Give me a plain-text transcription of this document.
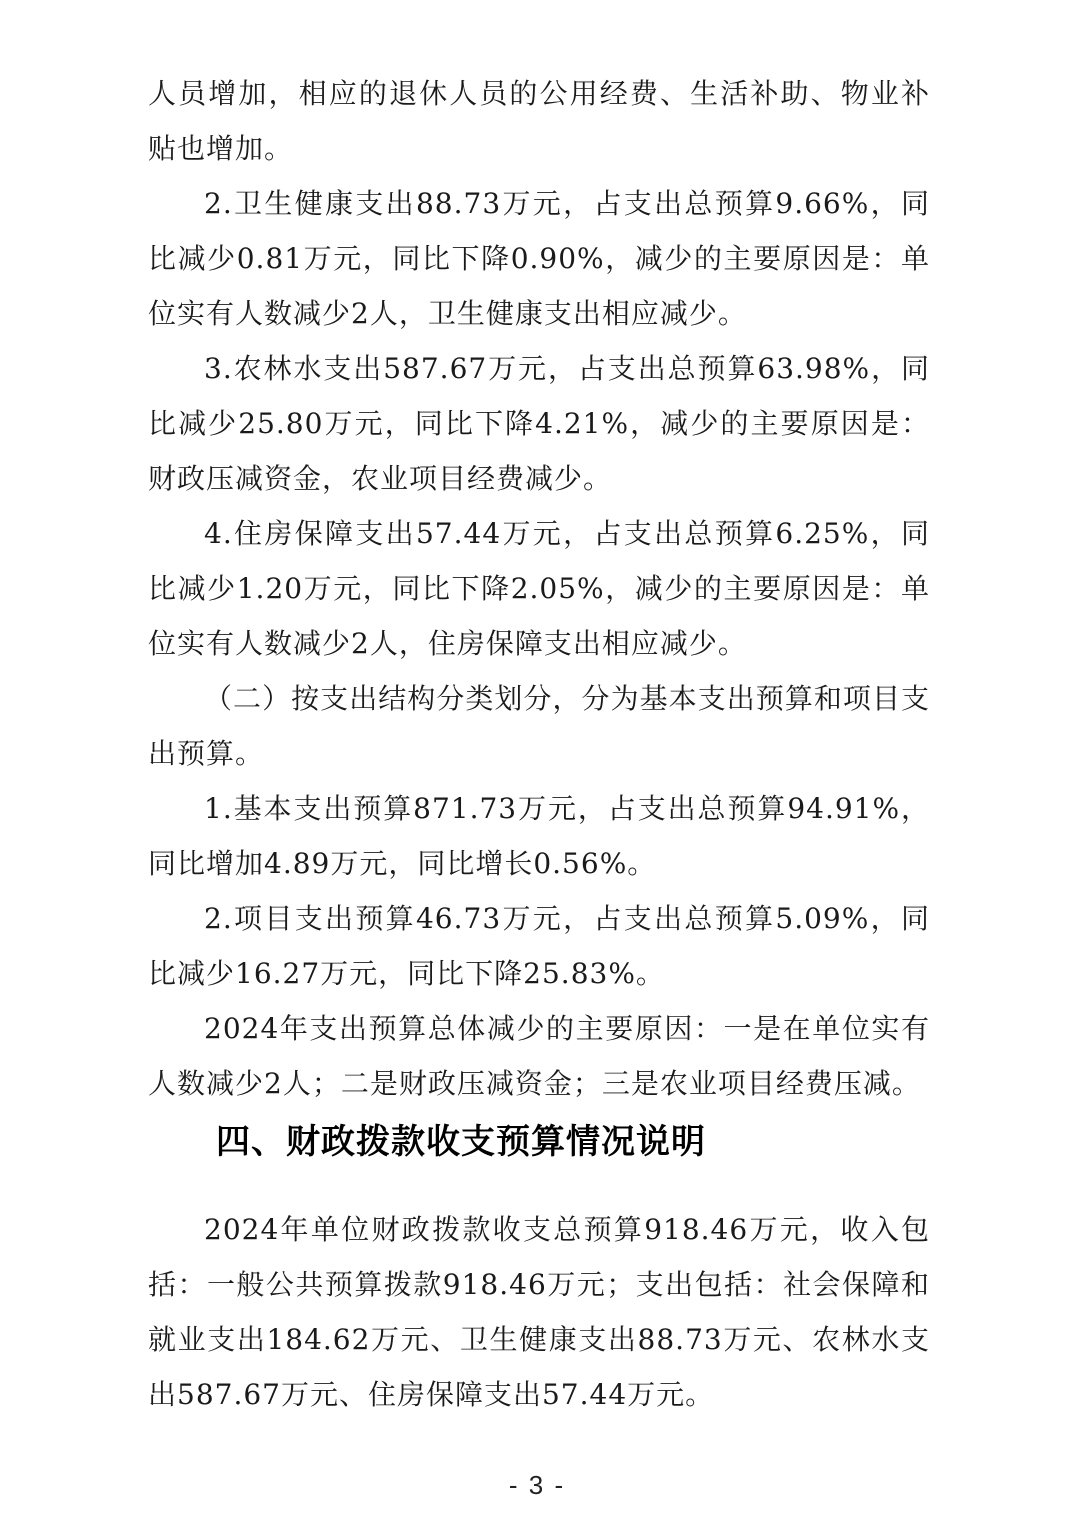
人员增加，相应的退休人员的公用经费、生活补助、物业补贴也增加。

2.卫生健康支出88.73万元，占支出总预算9.66%，同比减少0.81万元，同比下降0.90%，减少的主要原因是：单位实有人数减少2人，卫生健康支出相应减少。

3.农林水支出587.67万元，占支出总预算63.98%，同比减少25.80万元，同比下降4.21%，减少的主要原因是：财政压减资金，农业项目经费减少。

4.住房保障支出57.44万元，占支出总预算6.25%，同比减少1.20万元，同比下降2.05%，减少的主要原因是：单位实有人数减少2人，住房保障支出相应减少。

（二）按支出结构分类划分，分为基本支出预算和项目支出预算。

1.基本支出预算871.73万元，占支出总预算94.91%，同比增加4.89万元，同比增长0.56%。

2.项目支出预算46.73万元，占支出总预算5.09%，同比减少16.27万元，同比下降25.83%。

2024年支出预算总体减少的主要原因：一是在单位实有人数减少2人；二是财政压减资金；三是农业项目经费压减。

四、财政拨款收支预算情况说明

2024年单位财政拨款收支总预算918.46万元，收入包括：一般公共预算拨款918.46万元；支出包括：社会保障和就业支出184.62万元、卫生健康支出88.73万元、农林水支出587.67万元、住房保障支出57.44万元。

- 3 -
